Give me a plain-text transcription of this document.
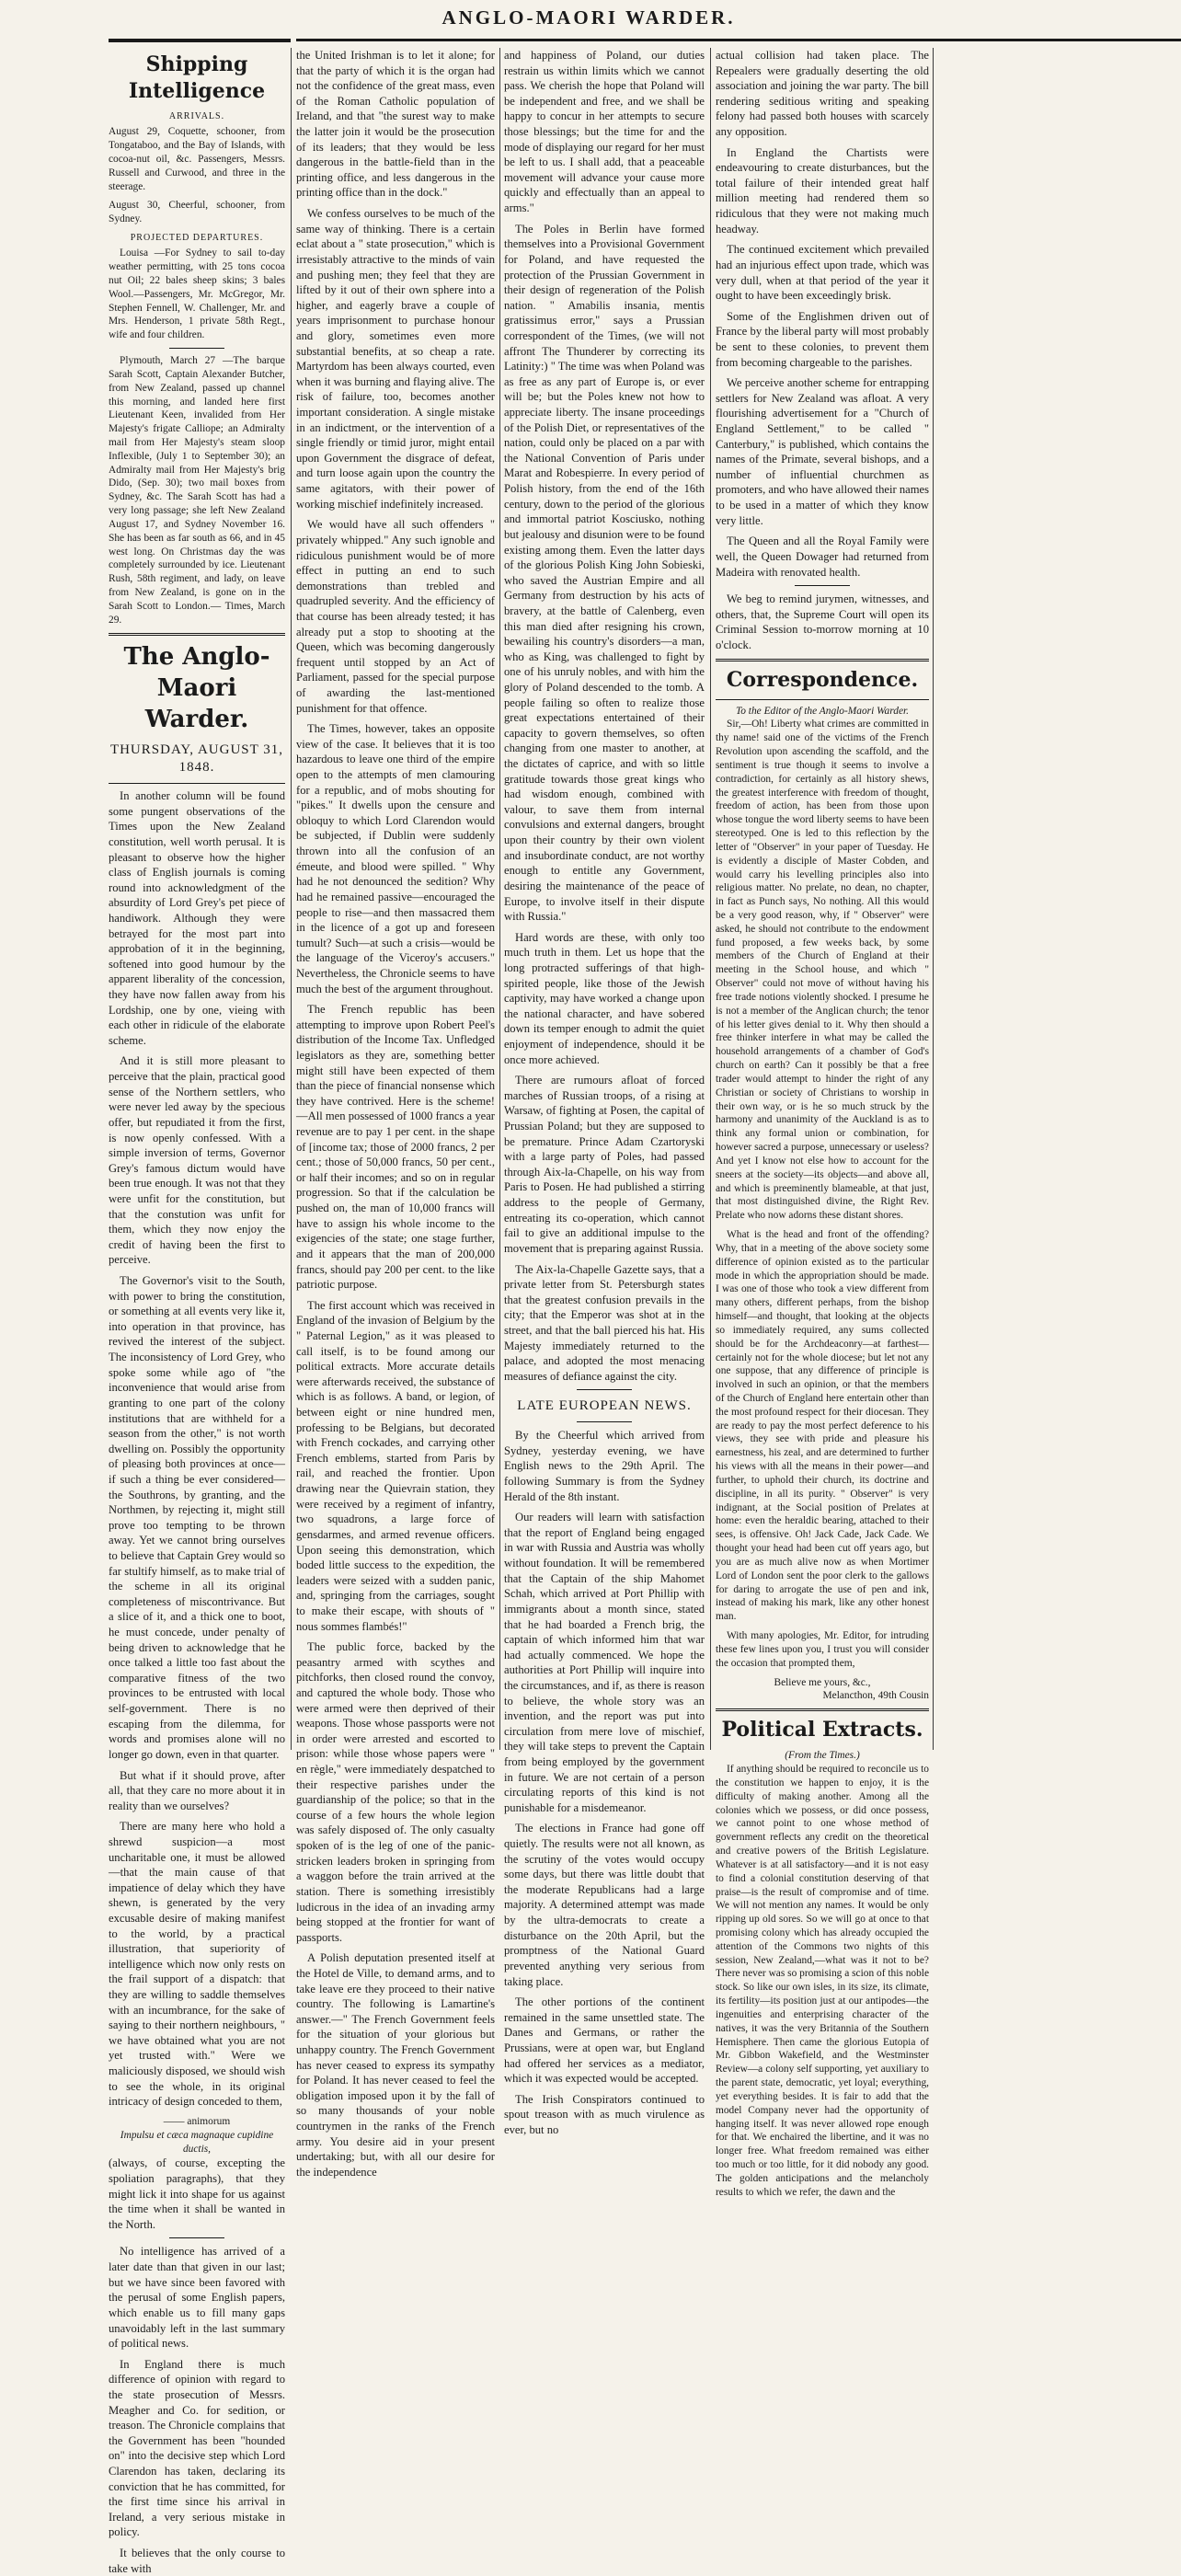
ANGLO-MAORI WARDER.
Shipping Intelligence
ARRIVALS.

August 29, Coquette, schooner, from Tongataboo, and the Bay of Islands, with cocoa-nut oil, &c. Passengers, Messrs. Russell and Curwood, and three in the steerage.

August 30, Cheerful, schooner, from Sydney.

PROJECTED DEPARTURES.

Louisa —For Sydney to sail to-day weather permitting, with 25 tons cocoa nut Oil; 22 bales sheep skins; 3 bales Wool.—Passengers, Mr. McGregor, Mr. Stephen Fennell, W. Challenger, Mr. and Mrs. Henderson, 1 private 58th Regt., wife and four children.

Plymouth, March 27 —The barque Sarah Scott, Captain Alexander Butcher, from New Zealand, passed up channel this morning, and landed here first Lieutenant Keen, invalided from Her Majesty's frigate Calliope; an Admiralty mail from Her Majesty's steam sloop Inflexible, (July 1 to September 30); an Admiralty mail from Her Majesty's brig Dido, (Sep. 30); two mail boxes from Sydney, &c. The Sarah Scott has had a very long passage; she left New Zealand August 17, and Sydney November 16. She has been as far south as 66, and in 45 west long. On Christmas day the was completely surrounded by ice. Lieutenant Rush, 58th regiment, and lady, on leave from New Zealand, is gone on in the Sarah Scott to London.— Times, March 29.

The Anglo-Maori Warder.
THURSDAY, AUGUST 31, 1848.

In another column will be found some pungent observations of the Times upon the New Zealand constitution, well worth perusal. It is pleasant to observe how the higher class of English journals is coming round into acknowledgment of the absurdity of Lord Grey's pet piece of handiwork. Although they were betrayed for the most part into approbation of it in the beginning, softened into good humour by the apparent liberality of the concession, they have now fallen away from his Lordship, one by one, vieing with each other in ridicule of the elaborate scheme.

And it is still more pleasant to perceive that the plain, practical good sense of the Northern settlers, who were never led away by the specious offer, but repudiated it from the first, is now openly confessed. With a simple inversion of terms, Governor Grey's famous dictum would have been true enough. It was not that they were unfit for the constitution, but that the constution was unfit for them, which they now enjoy the credit of having been the first to perceive.

The Governor's visit to the South, with power to bring the constitution, or something at all events very like it, into operation in that province, has revived the interest of the subject. The inconsistency of Lord Grey, who spoke some while ago of "the inconvenience that would arise from granting to one part of the colony institutions that are withheld for a season from the other," is not worth dwelling on. Possibly the opportunity of pleasing both provinces at once—if such a thing be ever considered—the Southrons, by granting, and the Northmen, by rejecting it, might still prove too tempting to be thrown away. Yet we cannot bring ourselves to believe that Captain Grey would so far stultify himself, as to make trial of the scheme in all its original completeness of miscontrivance. But a slice of it, and a thick one to boot, he must concede, under penalty of being driven to acknowledge that he once talked a little too fast about the comparative fitness of the two provinces to be entrusted with local self-government. There is no escaping from the dilemma, for words and promises alone will no longer go down, even in that quarter.

But what if it should prove, after all, that they care no more about it in reality than we ourselves?

There are many here who hold a shrewd suspicion—a most uncharitable one, it must be allowed—that the main cause of that impatience of delay which they have shewn, is generated by the very excusable desire of making manifest to the world, by a practical illustration, that superiority of intelligence which now only rests on the frail support of a dispatch: that they are willing to saddle themselves with an incumbrance, for the sake of saying to their northern neighbours, " we have obtained what you are not yet trusted with." Were we maliciously disposed, we should wish to see the whole, in its original intricacy of design conceded to them,

—— animorum
Impulsu et cæca magnaque cupidine ductis,

(always, of course, excepting the spoliation paragraphs), that they might lick it into shape for us against the time when it shall be wanted in the North.

No intelligence has arrived of a later date than that given in our last; but we have since been favored with the perusal of some English papers, which enable us to fill many gaps unavoidably left in the last summary of political news.

In England there is much difference of opinion with regard to the state prosecution of Messrs. Meagher and Co. for sedition, or treason. The Chronicle complains that the Government has been "hounded on" into the decisive step which Lord Clarendon has taken, declaring its conviction that he has committed, for the first time since his arrival in Ireland, a very serious mistake in policy.

It believes that the only course to take with

the United Irishman is to let it alone; for that the party of which it is the organ had not the confidence of the great mass, even of the Roman Catholic population of Ireland, and that "the surest way to make the latter join it would be the prosecution of its leaders; that they would be less dangerous in the battle-field than in the printing office, and less dangerous in the printing office than in the dock."

We confess ourselves to be much of the same way of thinking. There is a certain eclat about a " state prosecution," which is irresistably attractive to the minds of vain and pushing men; they feel that they are lifted by it out of their own sphere into a higher, and eagerly brave a couple of years imprisonment to purchase honour and glory, sometimes even more substantial benefits, at so cheap a rate. Martyrdom has been always courted, even when it was burning and flaying alive. The risk of failure, too, becomes another important consideration. A single mistake in an indictment, or the intervention of a single friendly or timid juror, might entail upon Government the disgrace of defeat, and turn loose again upon the country the same agitators, with their power of working mischief indefinitely increased.

We would have all such offenders " privately whipped." Any such ignoble and ridiculous punishment would be of more effect in putting an end to such demonstrations than trebled and quadrupled severity. And the efficiency of that course has been already tested; it has already put a stop to shooting at the Queen, which was becoming dangerously frequent until stopped by an Act of Parliament, passed for the special purpose of awarding the last-mentioned punishment for that offence.

The Times, however, takes an opposite view of the case. It believes that it is too hazardous to leave one third of the empire open to the attempts of men clamouring for a republic, and of mobs shouting for "pikes." It dwells upon the censure and obloquy to which Lord Clarendon would be subjected, if Dublin were suddenly thrown into all the confusion of an émeute, and blood were spilled. " Why had he not denounced the sedition? Why had he remained passive—encouraged the people to rise—and then massacred them in the licence of a got up and foreseen tumult? Such—at such a crisis—would be the language of the Viceroy's accusers." Nevertheless, the Chronicle seems to have much the best of the argument throughout.

The French republic has been attempting to improve upon Robert Peel's distribution of the Income Tax. Unfledged legislators as they are, something better might still have been expected of them than the piece of financial nonsense which they have contrived. Here is the scheme!—All men possessed of 1000 francs a year revenue are to pay 1 per cent. in the shape of [income tax; those of 2000 francs, 2 per cent.; those of 50,000 francs, 50 per cent., or half their incomes; and so on in regular progression. So that if the calculation be pushed on, the man of 10,000 francs will have to assign his whole income to the exigencies of the state; one stage further, and it appears that the man of 200,000 francs, should pay 200 per cent. to the like patriotic purpose.

The first account which was received in England of the invasion of Belgium by the " Paternal Legion," as it was pleased to call itself, is to be found among our political extracts. More accurate details were afterwards received, the substance of which is as follows. A band, or legion, of between eight or nine hundred men, professing to be Belgians, but decorated with French cockades, and carrying other French emblems, started from Paris by rail, and reached the frontier. Upon drawing near the Quievrain station, they were received by a regiment of infantry, two squadrons, a large force of gensdarmes, and armed revenue officers. Upon seeing this demonstration, which boded little success to the expedition, the leaders were seized with a sudden panic, and, springing from the carriages, sought to make their escape, with shouts of " nous sommes flambés!"

The public force, backed by the peasantry armed with scythes and pitchforks, then closed round the convoy, and captured the whole body. Those who were armed were then deprived of their weapons. Those whose passports were not in order were arrested and escorted to prison: while those whose papers were " en règle," were immediately despatched to their respective parishes under the guardianship of the police; so that in the course of a few hours the whole legion was safely disposed of. The only casualty spoken of is the leg of one of the panic-stricken leaders broken in springing from a waggon before the train arrived at the station. There is something irresistibly ludicrous in the idea of an invading army being stopped at the frontier for want of passports.

A Polish deputation presented itself at the Hotel de Ville, to demand arms, and to take leave ere they proceed to their native country. The following is Lamartine's answer.—" The French Government feels for the situation of your glorious but unhappy country. The French Government has never ceased to express its sympathy for Poland. It has never ceased to feel the obligation imposed upon it by the fall of so many thousands of your noble countrymen in the ranks of the French army. You desire aid in your present undertaking; but, with all our desire for the independence

and happiness of Poland, our duties restrain us within limits which we cannot pass. We cherish the hope that Poland will be independent and free, and we shall be happy to concur in her attempts to secure those blessings; but the time for and the mode of displaying our regard for her must be left to us. I shall add, that a peaceable movement will advance your cause more quickly and effectually than an appeal to arms."

The Poles in Berlin have formed themselves into a Provisional Government for Poland, and have requested the protection of the Prussian Government in their design of regeneration of the Polish nation. " Amabilis insania, mentis gratissimus error," says a Prussian correspondent of the Times, (we will not affront The Thunderer by correcting its Latinity:) " The time was when Poland was as free as any part of Europe is, or ever will be; but the Poles knew not how to appreciate liberty. The insane proceedings of the Polish Diet, or representatives of the nation, could only be placed on a par with the National Convention of Paris under Marat and Robespierre. In every period of Polish history, from the end of the 16th century, down to the period of the glorious and immortal patriot Kosciusko, nothing but jealousy and disunion were to be found existing among them. Even the latter days of the glorious Polish King John Sobieski, who saved the Austrian Empire and all Germany from destruction by his acts of bravery, at the battle of Calenberg, even this man died after resigning his crown, bewailing his country's disorders—a man, who as King, was challenged to fight by one of his unruly nobles, and with him the glory of Poland descended to the tomb. A people failing so often to realize those great expectations entertained of their capacity to govern themselves, so often changing from one master to another, at the dictates of caprice, and with so little gratitude towards those great kings who had wisdom enough, combined with valour, to save them from internal convulsions and external dangers, brought upon their country by their own violent and insubordinate conduct, are not worthy enough to entitle any Government, desiring the maintenance of the peace of Europe, to involve itself in their dispute with Russia."

Hard words are these, with only too much truth in them. Let us hope that the long protracted sufferings of that high-spirited people, like those of the Jewish captivity, may have worked a change upon the national character, and have sobered down its temper enough to admit the quiet enjoyment of independence, should it be once more achieved.

There are rumours afloat of forced marches of Russian troops, of a rising at Warsaw, of fighting at Posen, the capital of Prussian Poland; but they are supposed to be premature. Prince Adam Czartoryski with a large party of Poles, had passed through Aix-la-Chapelle, on his way from Paris to Posen. He had published a stirring address to the people of Germany, entreating its co-operation, which cannot fail to give an additional impulse to the movement that is preparing against Russia.

The Aix-la-Chapelle Gazette says, that a private letter from St. Petersburgh states that the greatest confusion prevails in the city; that the Emperor was shot at in the street, and that the ball pierced his hat. His Majesty immediately returned to the palace, and adopted the most menacing measures of defiance against the city.

LATE EUROPEAN NEWS.

By the Cheerful which arrived from Sydney, yesterday evening, we have English news to the 29th April. The following Summary is from the Sydney Herald of the 8th instant.

Our readers will learn with satisfaction that the report of England being engaged in war with Russia and Austria was wholly without foundation. It will be remembered that the Captain of the ship Mahomet Schah, which arrived at Port Phillip with immigrants about a month since, stated that he had boarded a French brig, the captain of which informed him that war had actually commenced. We hope the authorities at Port Phillip will inquire into the circumstances, and if, as there is reason to believe, the whole story was an invention, and the report was put into circulation from mere love of mischief, they will take steps to prevent the Captain from being employed by the government in future. We are not certain of a person circulating reports of this kind is not punishable for a misdemeanor.

The elections in France had gone off quietly. The results were not all known, as the scrutiny of the votes would occupy some days, but there was little doubt that the moderate Republicans had a large majority. A determined attempt was made by the ultra-democrats to create a disturbance on the 20th April, but the promptness of the National Guard prevented anything very serious from taking place.

The other portions of the continent remained in the same unsettled state. The Danes and Germans, or rather the Prussians, were at open war, but England had offered her services as a mediator, which it was expected would be accepted.

The Irish Conspirators continued to spout treason with as much virulence as ever, but no

actual collision had taken place. The Repealers were gradually deserting the old association and joining the war party. The bill rendering seditious writing and speaking felony had passed both houses with scarcely any opposition.

In England the Chartists were endeavouring to create disturbances, but the total failure of their intended great half million meeting had rendered them so ridiculous that they were not making much headway.

The continued excitement which prevailed had an injurious effect upon trade, which was very dull, when at that period of the year it ought to have been exceedingly brisk.

Some of the Englishmen driven out of France by the liberal party will most probably be sent to these colonies, to prevent them from becoming chargeable to the parishes.

We perceive another scheme for entrapping settlers for New Zealand was afloat. A very flourishing advertisement for a "Church of England Settlement," to be called " Canterbury," is published, which contains the names of the Primate, several bishops, and a number of influential churchmen as promoters, and who have allowed their names to be used in a matter of which they know very little.

The Queen and all the Royal Family were well, the Queen Dowager had returned from Madeira with renovated health.

We beg to remind jurymen, witnesses, and others, that, the Supreme Court will open its Criminal Session to-morrow morning at 10 o'clock.

Correspondence.
To the Editor of the Anglo-Maori Warder.

Sir,—Oh! Liberty what crimes are committed in thy name! said one of the victims of the French Revolution upon ascending the scaffold, and the sentiment is true though it seems to involve a contradiction, for certainly as all history shews, the greatest interference with freedom of thought, freedom of action, has been from those upon whose tongue the word liberty seems to have been stereotyped. One is led to this reflection by the letter of "Observer" in your paper of Tuesday. He is evidently a disciple of Master Cobden, and would carry his levelling principles also into religious matter. No prelate, no dean, no chapter, in fact as Punch says, No nothing. All this would be a very good reason, why, if " Observer" were asked, he should not contribute to the endowment fund proposed, a few weeks back, by some members of the Church of England at their meeting in the School house, and which " Observer" could not move of without having his free trade notions violently shocked. I presume he is not a member of the Anglican church; the tenor of his letter gives denial to it. Why then should a free thinker interfere in what may be called the household arrangements of a chamber of God's church on earth? Can it possibly be that a free trader would attempt to hinder the right of any Christian or society of Christians to worship in their own way, or is he so much struck by the harmony and unanimity of the Auckland is as to think any formal union or combination, for however sacred a purpose, unnecessary or useless? And yet I know not else how to account for the sneers at the society—its objects—and above all, and which is preeminently blameable, at that just, that most distinguished divine, the Right Rev. Prelate who now adorns these distant shores.

What is the head and front of the offending? Why, that in a meeting of the above society some difference of opinion existed as to the particular mode in which the appropriation should be made. I was one of those who took a view different from many others, different perhaps, from the bishop himself—and thought, that looking at the objects so immediately required, any sums collected should be for the Archdeaconry—at farthest—certainly not for the whole diocese; but let not any one suppose, that any difference of principle is involved in such an opinion, or that the members of the Church of England here entertain other than the most profound respect for their diocesan. They are ready to pay the most perfect deference to his views, they see with pride and pleasure his earnestness, his zeal, and are determined to further his views with all the means in their power—and further, to uphold their church, its doctrine and discipline, in all its purity. " Observer" is very indignant, at the Social position of Prelates at home: even the heraldic bearing, attached to their sees, is offensive. Oh! Jack Cade, Jack Cade. We thought your head had been cut off years ago, but you are as much alive now as when Mortimer Lord of London sent the poor clerk to the gallows for daring to arrogate the use of pen and ink, instead of making his mark, like any other honest man.

With many apologies, Mr. Editor, for intruding these few lines upon you, I trust you will consider the occasion that prompted them,

Believe me yours, &c.,
Melancthon, 49th Cousin
Political Extracts.
(From the Times.)

If anything should be required to reconcile us to the constitution we happen to enjoy, it is the difficulty of making another. Among all the colonies which we possess, or did once possess, we cannot point to one whose method of government reflects any credit on the theoretical and creative powers of the British Legislature. Whatever is at all satisfactory—and it is not easy to find a colonial constitution deserving of that praise—is the result of compromise and of time. We will not mention any names. It would be only ripping up old sores. So we will go at once to that promising colony which has already occupied the attention of the Commons two nights of this session, New Zealand,—what was it not to be? There never was so promising a scion of this noble stock. So like our own isles, in its size, its climate, its fertility—its position just at our antipodes—the ingenuities and enterprising character of the natives, it was the very Britannia of the Southern Hemisphere. Then came the glorious Eutopia of Mr. Gibbon Wakefield, and the Westminster Review—a colony self supporting, yet auxiliary to the parent state, democratic, yet loyal; everything, yet everything besides. It is fair to add that the model Company never had the opportunity of hanging itself. It was never allowed rope enough for that. We enchaired the libertine, and it was no longer free. What freedom remained was either too much or too little, for it did nobody any good. The golden anticipations and the melancholy results to which we refer, the dawn and the
